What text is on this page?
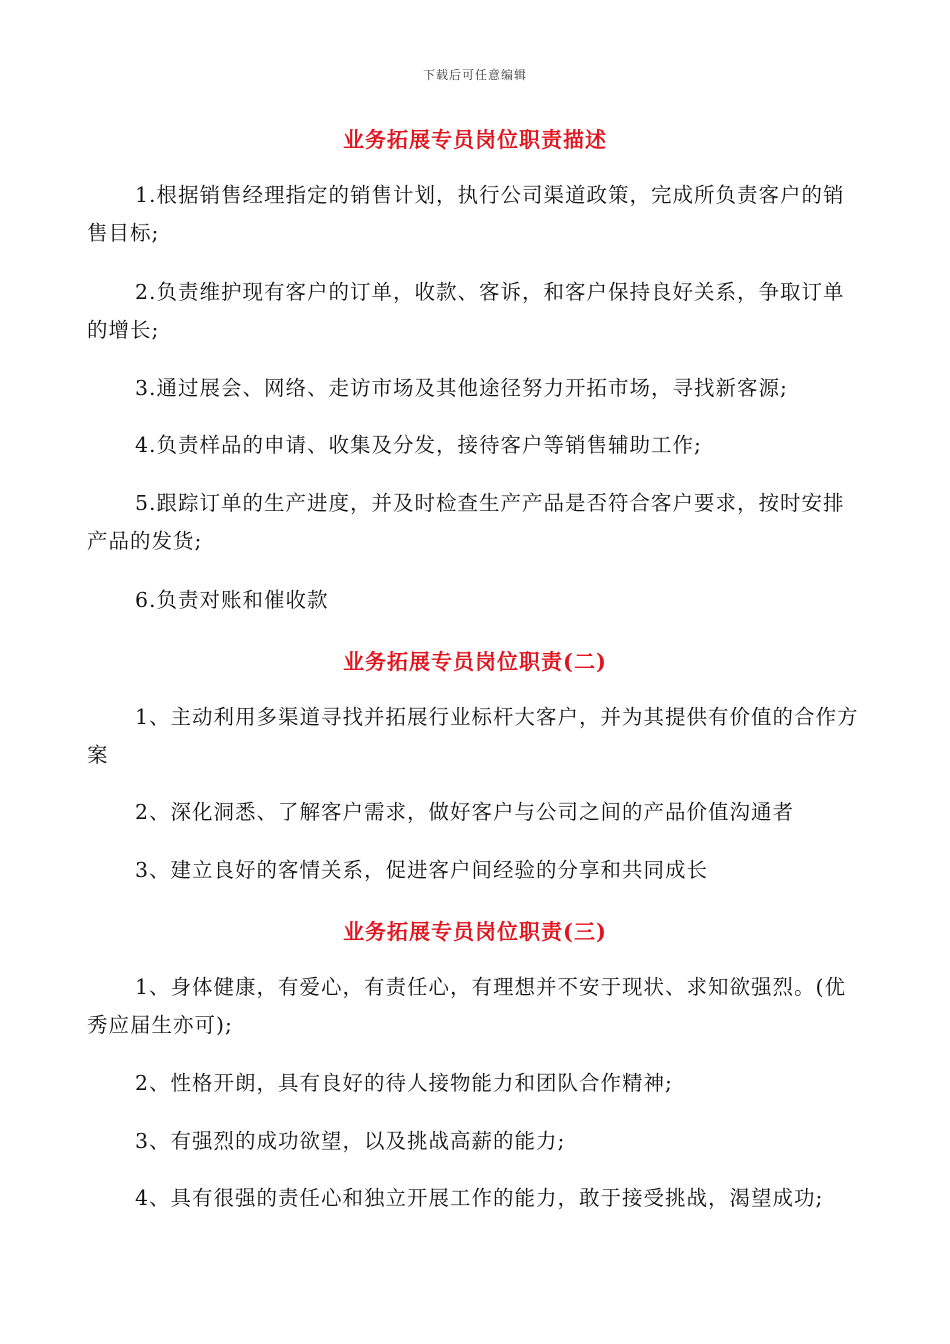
下载后可任意编辑
业务拓展专员岗位职责描述

1.根据销售经理指定的销售计划，执行公司渠道政策，完成所负责客户的销售目标;

2.负责维护现有客户的订单，收款、客诉，和客户保持良好关系，争取订单的增长;

3.通过展会、网络、走访市场及其他途径努力开拓市场，寻找新客源;

4.负责样品的申请、收集及分发，接待客户等销售辅助工作;

5.跟踪订单的生产进度，并及时检查生产产品是否符合客户要求，按时安排产品的发货;

6.负责对账和催收款

业务拓展专员岗位职责(二)

1、主动利用多渠道寻找并拓展行业标杆大客户，并为其提供有价值的合作方案

2、深化洞悉、了解客户需求，做好客户与公司之间的产品价值沟通者

3、建立良好的客情关系，促进客户间经验的分享和共同成长

业务拓展专员岗位职责(三)

1、身体健康，有爱心，有责任心，有理想并不安于现状、求知欲强烈。(优秀应届生亦可);

2、性格开朗，具有良好的待人接物能力和团队合作精神;

3、有强烈的成功欲望，以及挑战高薪的能力;

4、具有很强的责任心和独立开展工作的能力，敢于接受挑战，渴望成功;
